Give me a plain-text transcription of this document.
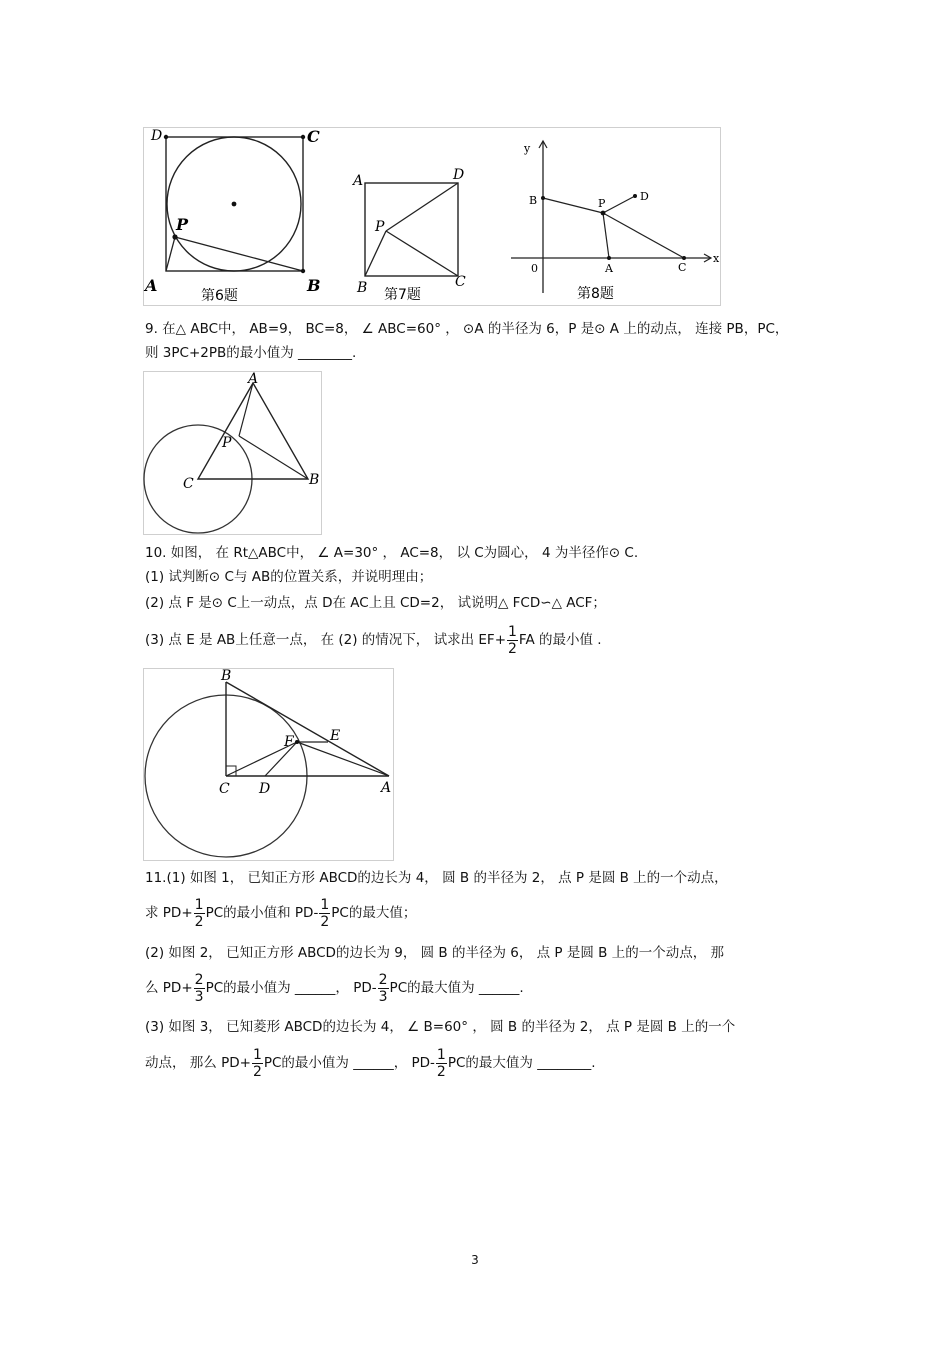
D	C
P
A	B
第6题
A	D
P
B	C
第7题
y
x
0
B	P
D
A	C
第8题
9. 在△ ABC中， AB=9， BC=8， ∠ ABC=60° ， ⊙A 的半径为 6，P 是⊙ A 上的动点， 连接 PB，PC，
则 3PC+2PB的最小值为 ________.
A
P
C	B
10. 如图， 在 Rt△ABC中， ∠ A=30° ， AC=8， 以 C为圆心， 4 为半径作⊙ C.
(1) 试判断⊙ C与 AB的位置关系，并说明理由；
(2) 点 F 是⊙ C上一动点，点 D在 AC上且 CD=2， 试说明△ FCD∽△ ACF；
(3) 点 E 是 AB上任意一点， 在 (2) 的情况下， 试求出 $EF+ \frac{1}{2}$ FA 的最小值 .
B
E
F
C D	A
11.(1) 如图 1， 已知正方形 ABCD的边长为 4， 圆 B 的半径为 2， 点 P 是圆 B 上的一个动点，
求 $PD+ \frac{1}{2}$ PC的最小值和 $PD- \frac{1}{2}$ PC的最大值；
(2) 如图 2， 已知正方形 ABCD的边长为 9， 圆 B 的半径为 6， 点 P 是圆 B 上的一个动点， 那
么 $PD+ \frac{2}{3}$ PC的最小值为 ______， $PD- \frac{2}{3}$ PC的最大值为 ______.
(3) 如图 3， 已知菱形 ABCD的边长为 4， ∠ B=60° ， 圆 B 的半径为 2， 点 P 是圆 B 上的一个
动点， 那么 $PD+ \frac{1}{2}$ PC的最小值为 ______， $PD- \frac{1}{2}$ PC的最大值为 ________.
3
